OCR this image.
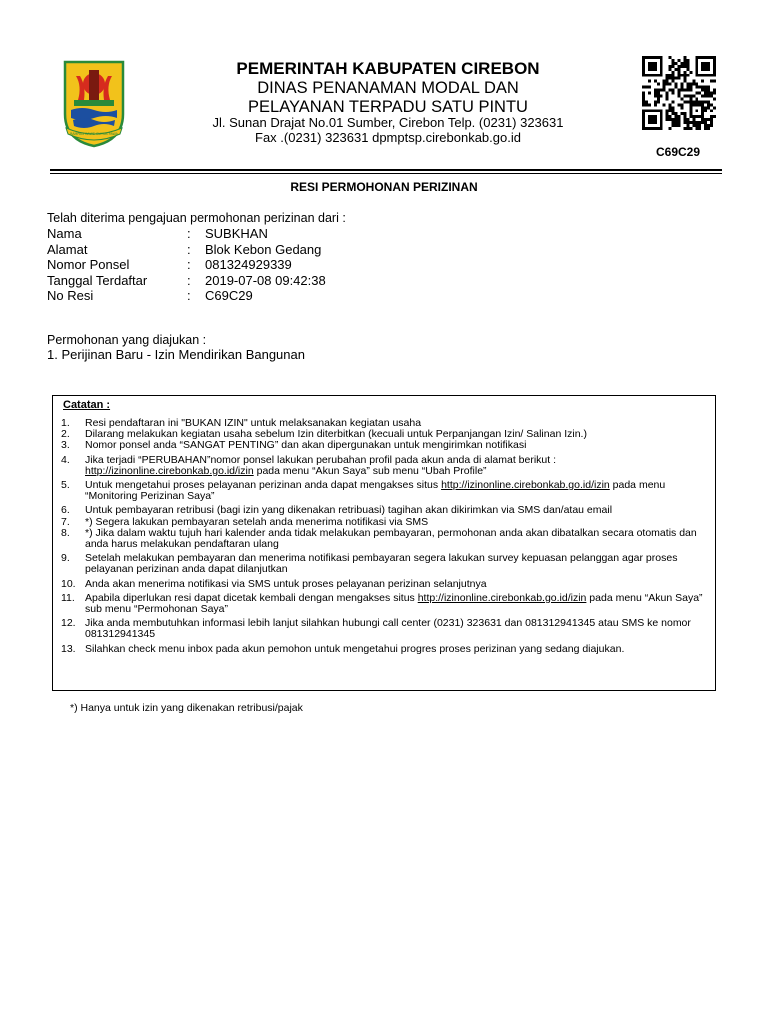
RAMPAG GAWE GUYUB PAWA
PEMERINTAH KABUPATEN CIREBON
DINAS PENANAMAN MODAL DAN
PELAYANAN TERPADU SATU PINTU
Jl. Sunan Drajat No.01 Sumber, Cirebon Telp. (0231) 323631
Fax .(0231) 323631 dpmptsp.cirebonkab.go.id
C69C29
RESI PERMOHONAN PERIZINAN
Telah diterima pengajuan permohonan perizinan dari :
Nama	: SUBKHAN
Alamat	: Blok Kebon Gedang
Nomor Ponsel	: 081324929339
Tanggal Terdaftar	: 2019-07-08 09:42:38
No Resi	: C69C29
Permohonan yang diajukan :
1. Perijinan Baru - Izin Mendirikan Bangunan
Catatan :
1.	Resi pendaftaran ini "BUKAN IZIN" untuk melaksanakan kegiatan usaha
2.	Dilarang melakukan kegiatan usaha sebelum Izin diterbitkan (kecuali untuk Perpanjangan Izin/ Salinan Izin.)
3.	Nomor ponsel anda “SANGAT PENTING” dan akan dipergunakan untuk mengirimkan notifikasi
4.	Jika terjadi “PERUBAHAN”nomor ponsel lakukan perubahan profil pada akun anda di alamat berikut :
http://izinonline.cirebonkab.go.id/izin pada menu “Akun Saya” sub menu “Ubah Profile”
5.	Untuk mengetahui proses pelayanan perizinan anda dapat mengakses situs http://izinonline.cirebonkab.go.id/izin pada menu “Monitoring Perizinan Saya”
6.	Untuk pembayaran retribusi (bagi izin yang dikenakan retribuasi) tagihan akan dikirimkan via SMS dan/atau email
7.	*) Segera lakukan pembayaran setelah anda menerima notifikasi via SMS
8.	*) Jika dalam waktu tujuh hari kalender anda tidak melakukan pembayaran, permohonan anda akan dibatalkan secara otomatis dan anda harus melakukan pendaftaran ulang
9.	Setelah melakukan pembayaran dan menerima notifikasi pembayaran segera lakukan survey kepuasan pelanggan agar proses pelayanan perizinan anda dapat dilanjutkan
10. Anda akan menerima notifikasi via SMS untuk proses pelayanan perizinan selanjutnya
11. Apabila diperlukan resi dapat dicetak kembali dengan mengakses situs http://izinonline.cirebonkab.go.id/izin pada menu “Akun Saya” sub menu “Permohonan Saya”
12. Jika anda membutuhkan informasi lebih lanjut silahkan hubungi call center (0231) 323631 dan 081312941345 atau SMS ke nomor 081312941345
13. Silahkan check menu inbox pada akun pemohon untuk mengetahui progres proses perizinan yang sedang diajukan.
*) Hanya untuk izin yang dikenakan retribusi/pajak
